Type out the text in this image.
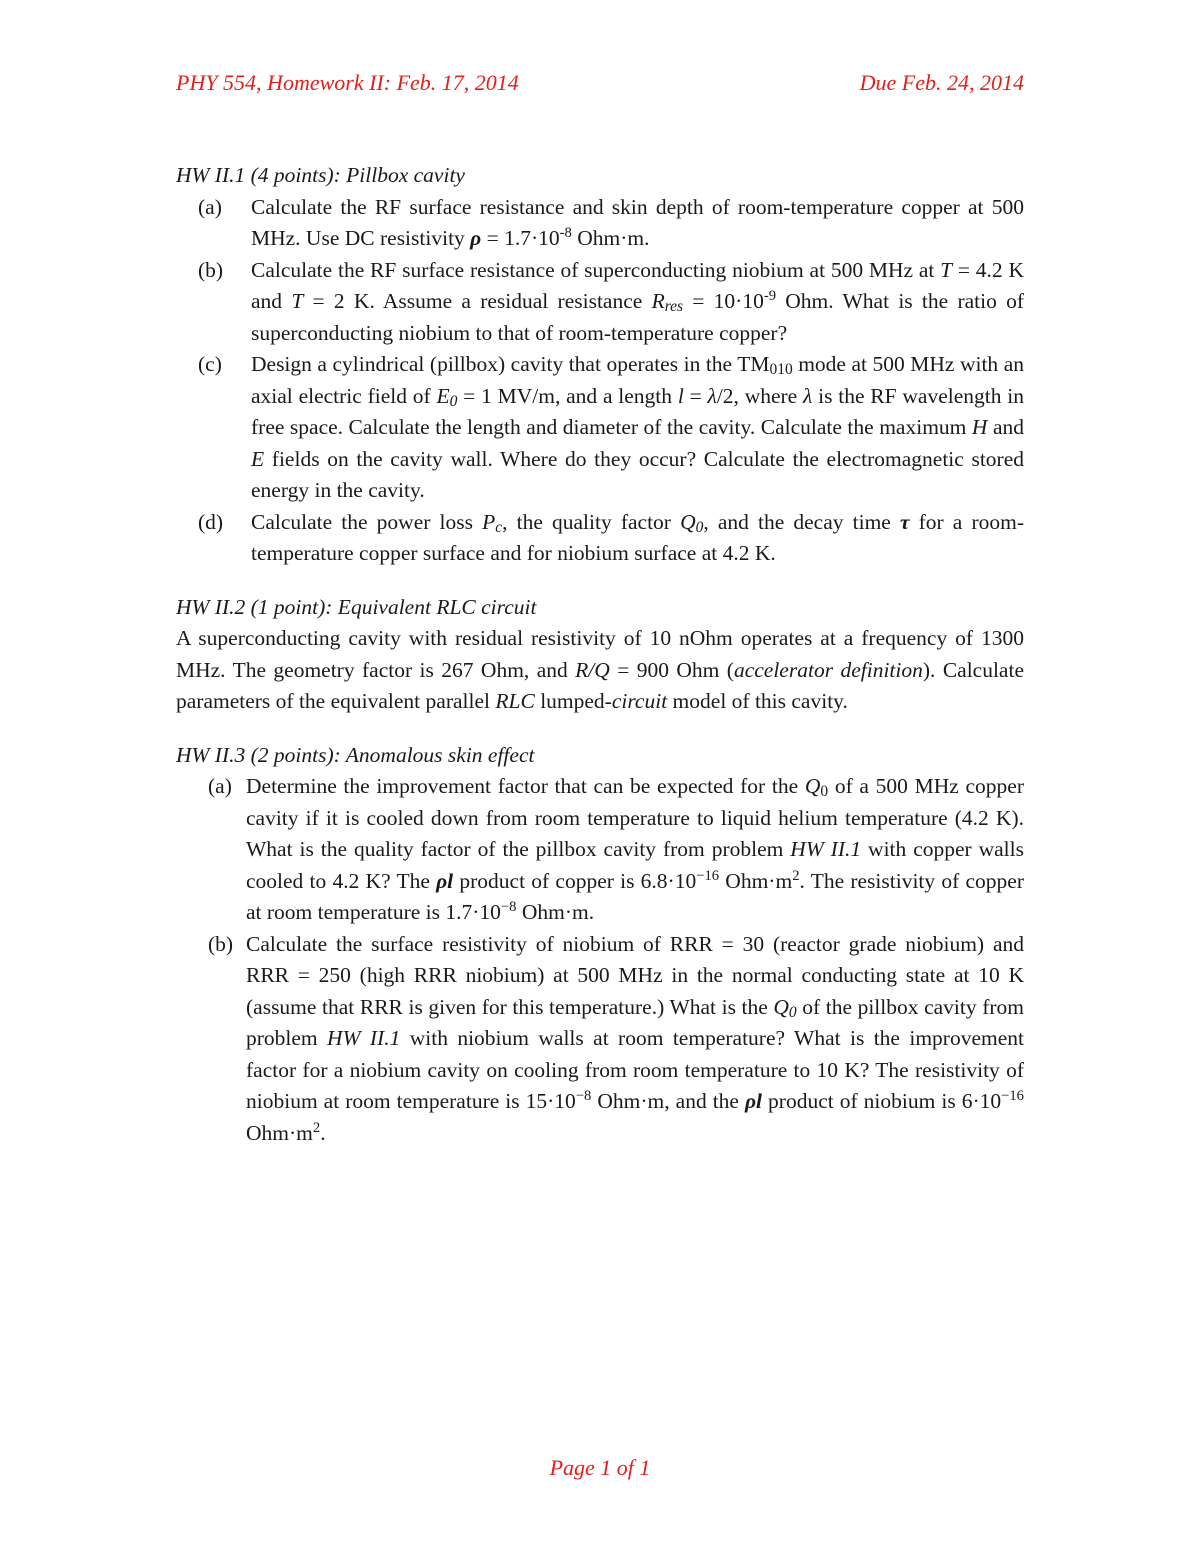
PHY 554, Homework II: Feb. 17, 2014	Due Feb. 24, 2014

HW II.1 (4 points): Pillbox cavity

(a) Calculate the RF surface resistance and skin depth of room-temperature copper at 500 MHz. Use DC resistivity $\rho = 1.7\cdot 10^{-8}$ Ohm·m.
(b) Calculate the RF surface resistance of superconducting niobium at 500 MHz at T = 4.2 K and T = 2 K. Assume a residual resistance $R_{res} = 10\cdot 10^{-9}$ Ohm. What is the ratio of superconducting niobium to that of room-temperature copper?
(c) Design a cylindrical (pillbox) cavity that operates in the $TM_{010}$ mode at 500 MHz with an axial electric field of $E_0 = 1$ MV/m, and a length l = λ/2, where λ is the RF wavelength in free space. Calculate the length and diameter of the cavity. Calculate the maximum H and E fields on the cavity wall. Where do they occur? Calculate the electromagnetic stored energy in the cavity.
(d) Calculate the power loss $P_c$, the quality factor $Q_0$, and the decay time τ for a room-temperature copper surface and for niobium surface at 4.2 K.

HW II.2 (1 point): Equivalent RLC circuit

A superconducting cavity with residual resistivity of 10 nOhm operates at a frequency of 1300 MHz. The geometry factor is 267 Ohm, and R/Q = 900 Ohm (accelerator definition). Calculate parameters of the equivalent parallel RLC lumped-circuit model of this cavity.

HW II.3 (2 points): Anomalous skin effect

(a) Determine the improvement factor that can be expected for the $Q_0$ of a 500 MHz copper cavity if it is cooled down from room temperature to liquid helium temperature (4.2 K). What is the quality factor of the pillbox cavity from problem HW II.1 with copper walls cooled to 4.2 K? The ρl product of copper is $6.8\cdot 10^{-16}$ $Ohm\cdot m^2$. The resistivity of copper at room temperature is $1.7\cdot 10^{-8}$ Ohm·m.
(b) Calculate the surface resistivity of niobium of RRR = 30 (reactor grade niobium) and RRR = 250 (high RRR niobium) at 500 MHz in the normal conducting state at 10 K (assume that RRR is given for this temperature.) What is the $Q_0$ of the pillbox cavity from problem HW II.1 with niobium walls at room temperature? What is the improvement factor for a niobium cavity on cooling from room temperature to 10 K? The resistivity of niobium at room temperature is $15\cdot 10^{-8}$ Ohm·m, and the ρl product of niobium is $6\cdot 10^{-16}$ $Ohm\cdot m^2$.
Page 1 of 1
